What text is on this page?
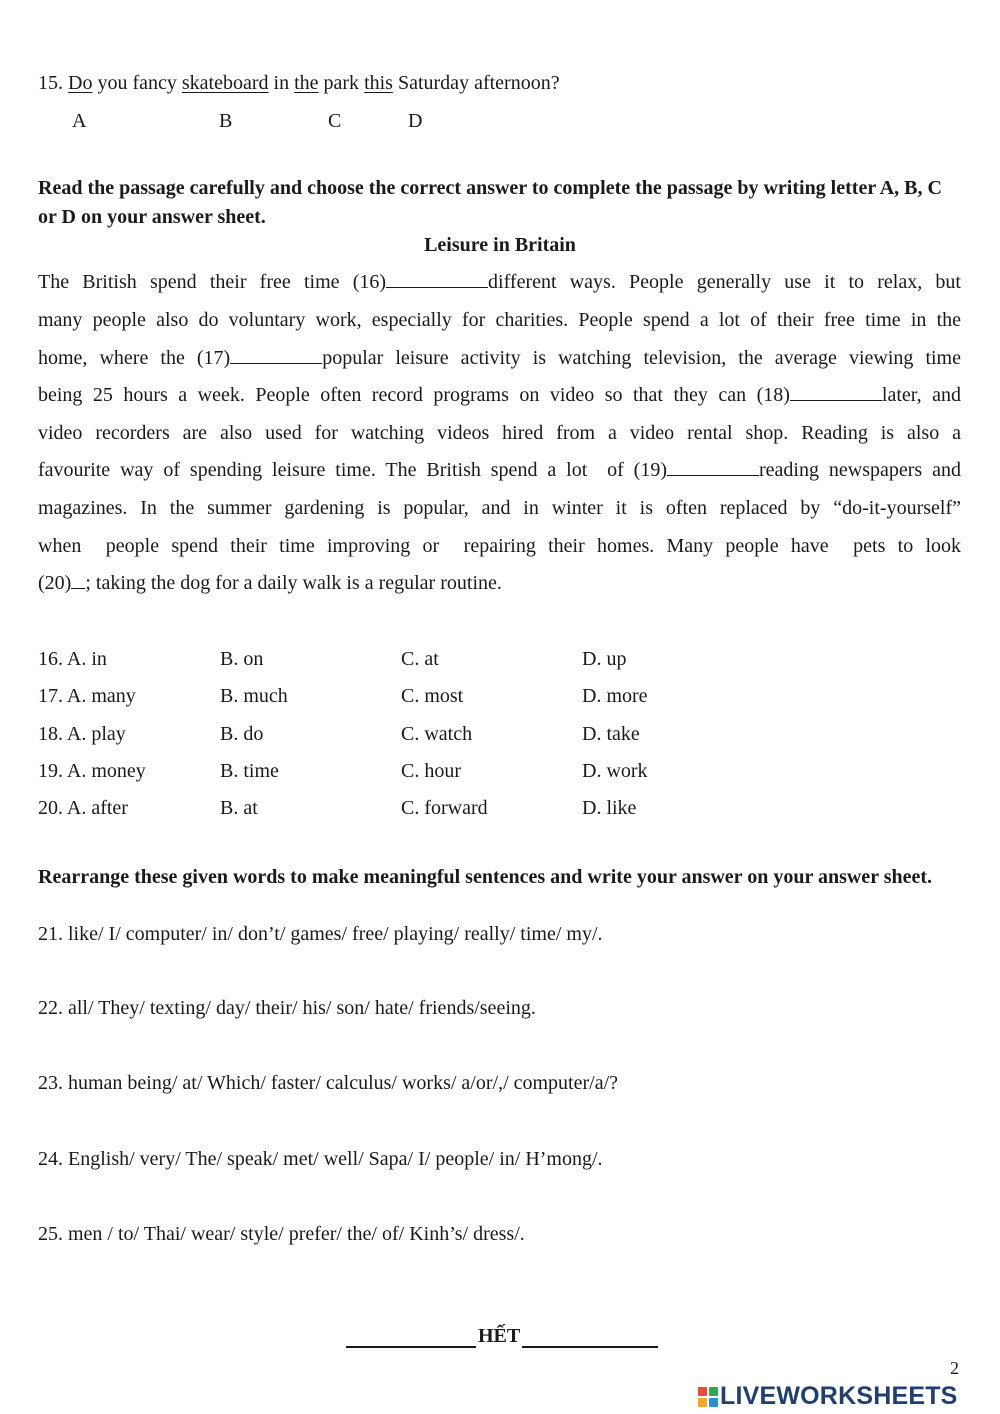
15. Do you fancy skateboard in the park this Saturday afternoon?
A	B	C	D
Read the passage carefully and choose the correct answer to complete the passage by writing letter A, B, C or D on your answer sheet.
Leisure in Britain
The British spend their free time (16)	different ways. People generally use it to relax, but
many people also do voluntary work, especially for charities. People spend a lot of their free time in the
home, where the (17)	popular leisure activity is watching television, the average viewing time
being 25 hours a week. People often record programs on video so that they can (18)	later, and
video recorders are also used for watching videos hired from a video rental shop. Reading is also a
favourite way of spending leisure time. The British spend a lot  of (19)	reading newspapers and
magazines. In the summer gardening is popular, and in winter it is often replaced by “do-it-yourself”
when  people spend their time improving or  repairing their homes. Many people have  pets to look
(20) ; taking the dog for a daily walk is a regular routine.
16. A. in	B. on	C. at	D. up
17. A. many	B. much	C. most	D. more
18. A. play	B. do	C. watch	D. take
19. A. money	B. time	C. hour	D. work
20. A. after	B. at	C. forward	D. like
Rearrange these given words to make meaningful sentences and write your answer on your answer sheet.
21. like/ I/ computer/ in/ don’t/ games/ free/ playing/ really/ time/ my/.
22. all/ They/ texting/ day/ their/ his/ son/ hate/ friends/seeing.
23. human being/ at/ Which/ faster/ calculus/ works/ a/or/,/ computer/a/?
24. English/ very/ The/ speak/ met/ well/ Sapa/ I/ people/ in/ H’mong/.
25. men / to/ Thai/ wear/ style/ prefer/ the/ of/ Kinh’s/ dress/.
HẾT
2
LIVEWORKSHEETS
